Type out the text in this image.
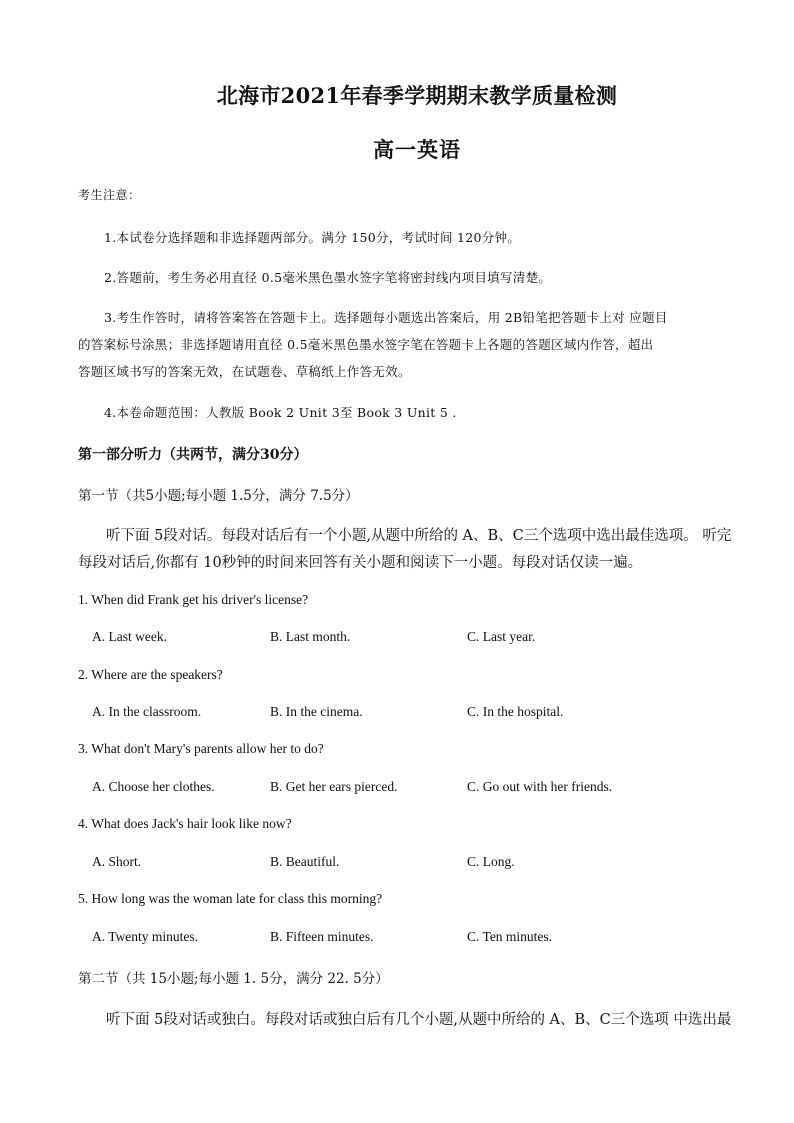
北海市2021年春季学期期末教学质量检测
高一英语
考生注意：
1.本试卷分选择题和非选择题两部分。满分 150分，考试时间 120分钟。
2.答题前，考生务必用直径 0.5毫米黑色墨水签字笔将密封线内项目填写清楚。
3.考生作答时，请将答案答在答题卡上。选择题每小题选出答案后，用 2B铅笔把答题卡上对 应题目
的答案标号涂黑；非选择题请用直径 0.5毫米黑色墨水签字笔在答题卡上各题的答题区域内作答，超出
答题区域书写的答案无效，在试题卷、草稿纸上作答无效。
4.本卷命题范围：人教版 Book 2 Unit 3至 Book 3 Unit 5 .
第一部分听力（共两节，满分30分）
第一节（共5小题;每小题 1.5分，满分 7.5分）
听下面 5段对话。每段对话后有一个小题,从题中所给的 A、B、C三个选项中选出最佳选项。 听完
每段对话后,你都有 10秒钟的时间来回答有关小题和阅读下一小题。每段对话仅读一遍。
1. When did Frank get his driver's license?
A. Last week.	B. Last month.	C. Last year.
2. Where are the speakers?
A. In the classroom.	B. In the cinema.	C. In the hospital.
3. What don't Mary's parents allow her to do?
A. Choose her clothes.	B. Get her ears pierced.	C. Go out with her friends.
4. What does Jack's hair look like now?
A. Short.	B. Beautiful.	C. Long.
5. How long was the woman late for class this morning?
A. Twenty minutes.	B. Fifteen minutes.	C. Ten minutes.
第二节（共 15小题;每小题 1. 5分，满分 22. 5分）
听下面 5段对话或独白。每段对话或独白后有几个小题,从题中所给的 A、B、C三个选项 中选出最
